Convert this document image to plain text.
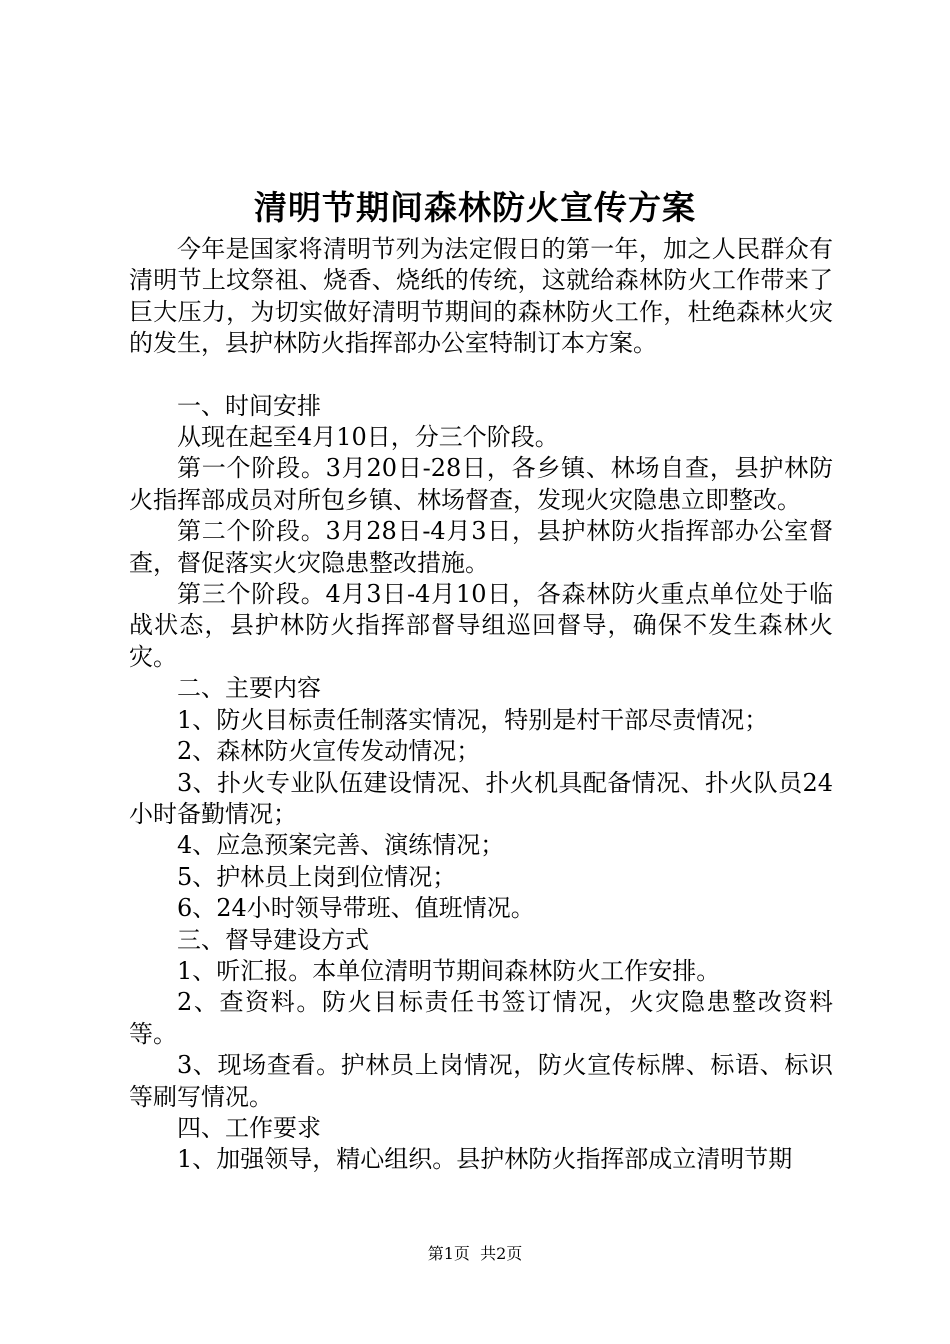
清明节期间森林防火宣传方案

今年是国家将清明节列为法定假日的第一年，加之人民群众有清明节上坟祭祖、烧香、烧纸的传统，这就给森林防火工作带来了巨大压力，为切实做好清明节期间的森林防火工作，杜绝森林火灾的发生，县护林防火指挥部办公室特制订本方案。

一、时间安排

从现在起至4月10日，分三个阶段。

第一个阶段。3月20日-28日，各乡镇、林场自查，县护林防火指挥部成员对所包乡镇、林场督查，发现火灾隐患立即整改。

第二个阶段。3月28日-4月3日，县护林防火指挥部办公室督查，督促落实火灾隐患整改措施。

第三个阶段。4月3日-4月10日，各森林防火重点单位处于临战状态，县护林防火指挥部督导组巡回督导，确保不发生森林火灾。

二、主要内容

1、防火目标责任制落实情况，特别是村干部尽责情况；

2、森林防火宣传发动情况；

3、扑火专业队伍建设情况、扑火机具配备情况、扑火队员24小时备勤情况；

4、应急预案完善、演练情况；

5、护林员上岗到位情况；

6、24小时领导带班、值班情况。

三、督导建设方式

1、听汇报。本单位清明节期间森林防火工作安排。

2、查资料。防火目标责任书签订情况，火灾隐患整改资料等。

3、现场查看。护林员上岗情况，防火宣传标牌、标语、标识等刷写情况。

四、工作要求

1、加强领导，精心组织。县护林防火指挥部成立清明节期

第1页 共2页
